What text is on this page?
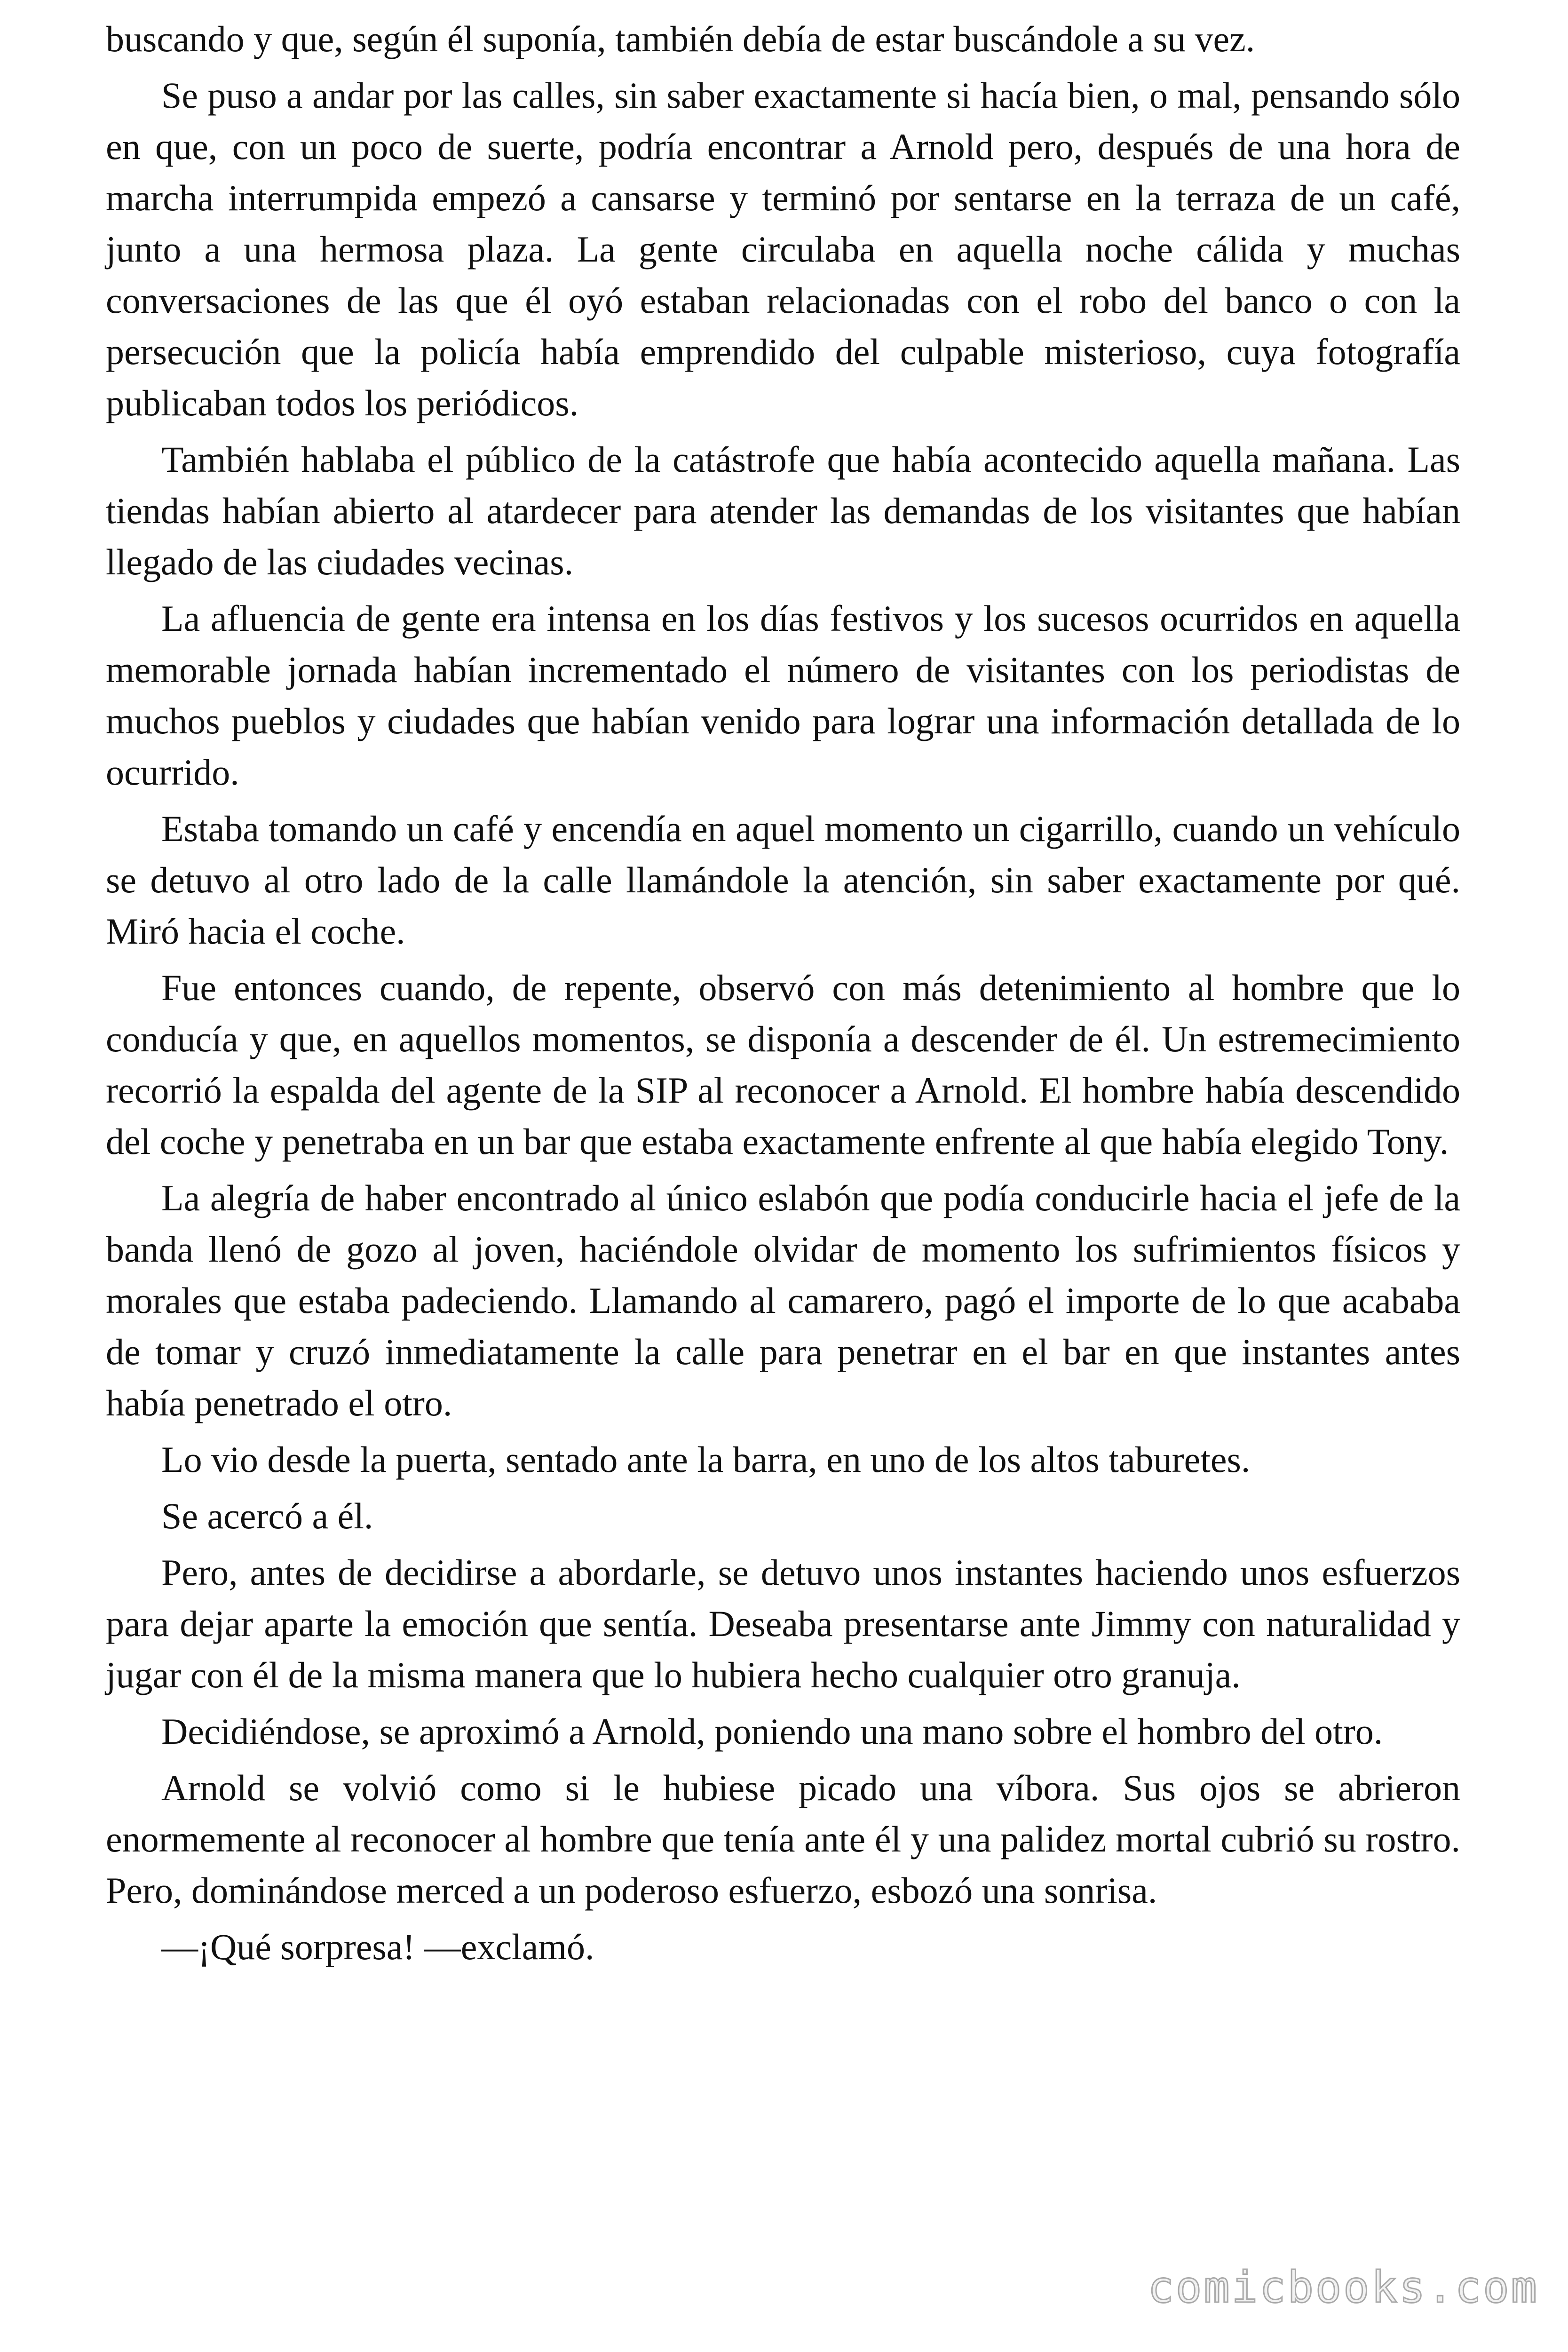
buscando y que, según él suponía, también debía de estar buscándole a su vez.

Se puso a andar por las calles, sin saber exactamente si hacía bien, o mal, pensando sólo en que, con un poco de suerte, podría encontrar a Arnold pero, después de una hora de marcha interrumpida empezó a cansarse y terminó por sentarse en la terraza de un café, junto a una hermosa plaza. La gente circulaba en aquella noche cálida y muchas conversaciones de las que él oyó estaban relacionadas con el robo del banco o con la persecución que la policía había emprendido del culpable misterioso, cuya fotografía publicaban todos los periódicos.

También hablaba el público de la catástrofe que había acontecido aquella mañana. Las tiendas habían abierto al atardecer para atender las demandas de los visitantes que habían llegado de las ciudades vecinas.

La afluencia de gente era intensa en los días festivos y los sucesos ocurridos en aquella memorable jornada habían incrementado el número de visitantes con los periodistas de muchos pueblos y ciudades que habían venido para lograr una información detallada de lo ocurrido.

Estaba tomando un café y encendía en aquel momento un cigarrillo, cuando un vehículo se detuvo al otro lado de la calle llamándole la atención, sin saber exactamente por qué. Miró hacia el coche.

Fue entonces cuando, de repente, observó con más detenimiento al hombre que lo conducía y que, en aquellos momentos, se disponía a descender de él. Un estremecimiento recorrió la espalda del agente de la SIP al reconocer a Arnold. El hombre había descendido del coche y penetraba en un bar que estaba exactamente enfrente al que había elegido Tony.

La alegría de haber encontrado al único eslabón que podía conducirle hacia el jefe de la banda llenó de gozo al joven, haciéndole olvidar de momento los sufrimientos físicos y morales que estaba padeciendo. Llamando al camarero, pagó el importe de lo que acababa de tomar y cruzó inmediatamente la calle para penetrar en el bar en que instantes antes había penetrado el otro.

Lo vio desde la puerta, sentado ante la barra, en uno de los altos taburetes.

Se acercó a él.

Pero, antes de decidirse a abordarle, se detuvo unos instantes haciendo unos esfuerzos para dejar aparte la emoción que sentía. Deseaba presentarse ante Jimmy con naturalidad y jugar con él de la misma manera que lo hubiera hecho cualquier otro granuja.

Decidiéndose, se aproximó a Arnold, poniendo una mano sobre el hombro del otro.

Arnold se volvió como si le hubiese picado una víbora. Sus ojos se abrieron enormemente al reconocer al hombre que tenía ante él y una palidez mortal cubrió su rostro. Pero, dominándose merced a un poderoso esfuerzo, esbozó una sonrisa.

—¡Qué sorpresa! —exclamó.

comicbooks.com
